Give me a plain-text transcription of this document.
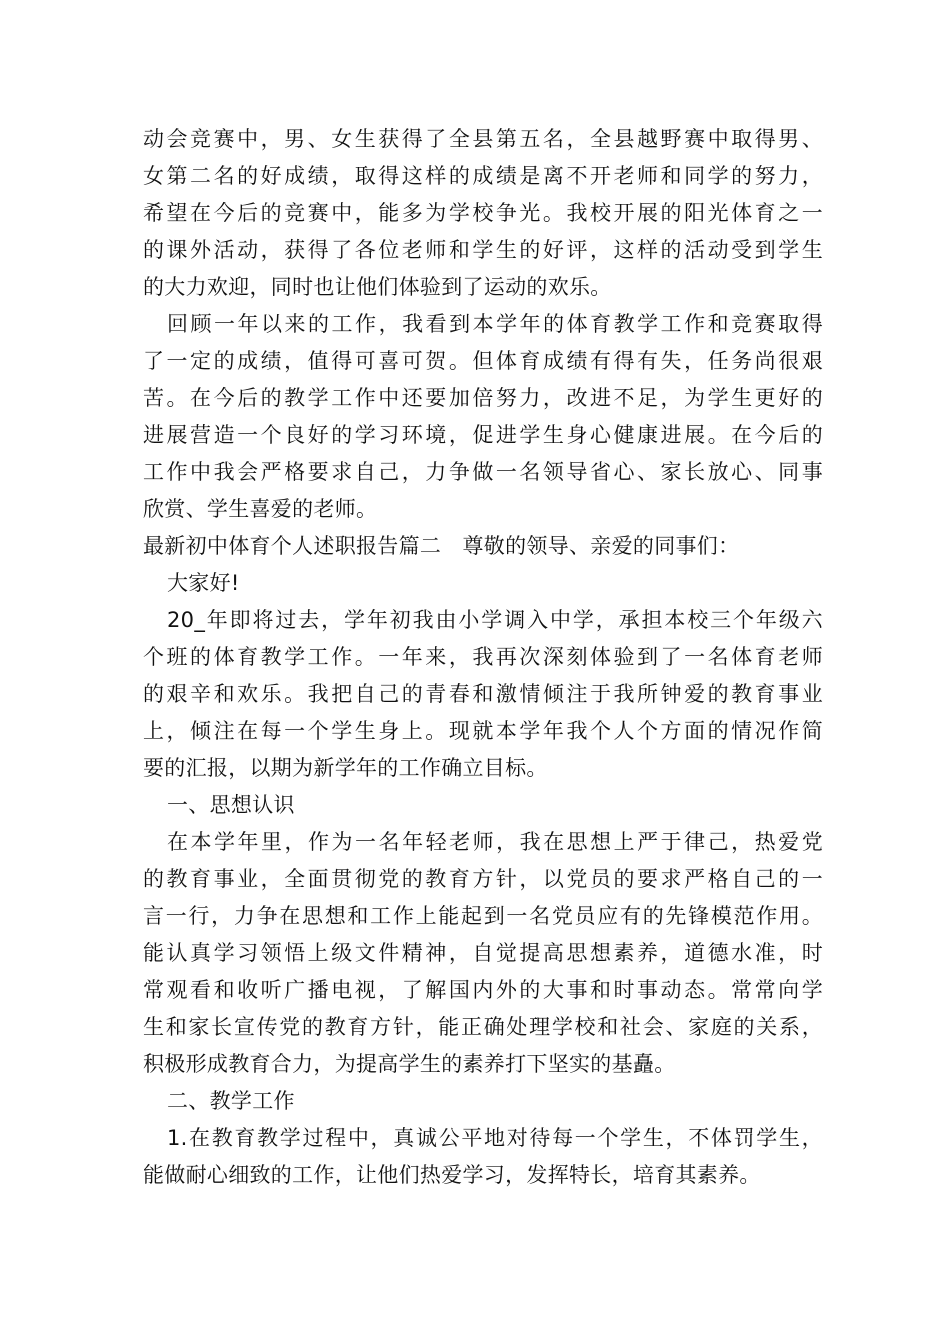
动会竞赛中，男、女生获得了全县第五名，全县越野赛中取得男、
女第二名的好成绩，取得这样的成绩是离不开老师和同学的努力，
希望在今后的竞赛中，能多为学校争光。我校开展的阳光体育之一
的课外活动，获得了各位老师和学生的好评，这样的活动受到学生
的大力欢迎，同时也让他们体验到了运动的欢乐。
回顾一年以来的工作，我看到本学年的体育教学工作和竞赛取得
了一定的成绩，值得可喜可贺。但体育成绩有得有失，任务尚很艰
苦。在今后的教学工作中还要加倍努力，改进不足，为学生更好的
进展营造一个良好的学习环境，促进学生身心健康进展。在今后的
工作中我会严格要求自己，力争做一名领导省心、家长放心、同事
欣赏、学生喜爱的老师。
最新初中体育个人述职报告篇二　尊敬的领导、亲爱的同事们：
大家好!
20_年即将过去，学年初我由小学调入中学，承担本校三个年级六
个班的体育教学工作。一年来，我再次深刻体验到了一名体育老师
的艰辛和欢乐。我把自己的青春和激情倾注于我所钟爱的教育事业
上，倾注在每一个学生身上。现就本学年我个人个方面的情况作简
要的汇报，以期为新学年的工作确立目标。
一、思想认识
在本学年里，作为一名年轻老师，我在思想上严于律己，热爱党
的教育事业，全面贯彻党的教育方针，以党员的要求严格自己的一
言一行，力争在思想和工作上能起到一名党员应有的先锋模范作用。
能认真学习领悟上级文件精神，自觉提高思想素养，道德水准，时
常观看和收听广播电视，了解国内外的大事和时事动态。常常向学
生和家长宣传党的教育方针，能正确处理学校和社会、家庭的关系，
积极形成教育合力，为提高学生的素养打下坚实的基矗。
二、教学工作
1.在教育教学过程中，真诚公平地对待每一个学生，不体罚学生，
能做耐心细致的工作，让他们热爱学习，发挥特长，培育其素养。
